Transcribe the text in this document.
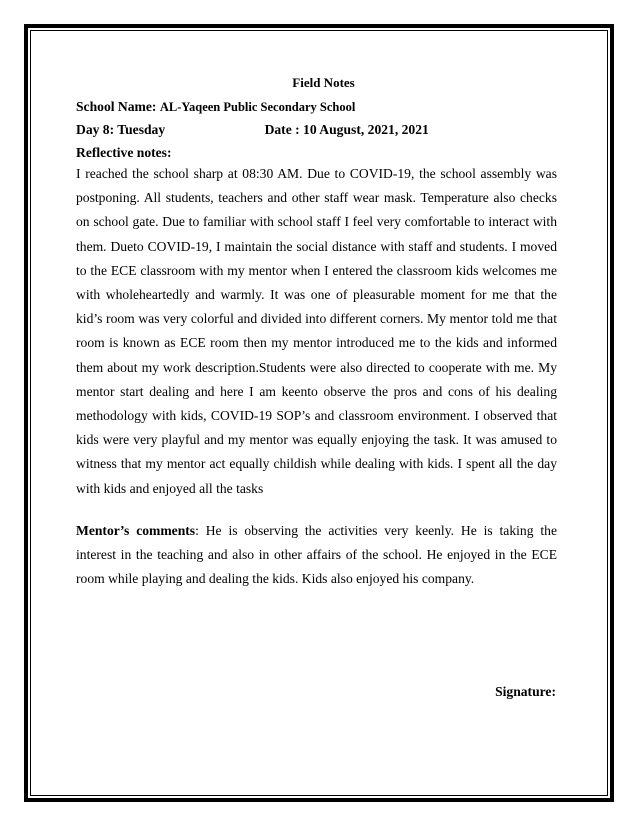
Field Notes
School Name: AL-Yaqeen Public Secondary School
Day 8: Tuesday	Date : 10 August, 2021, 2021
Reflective notes:

I reached the school sharp at 08:30 AM. Due to COVID-19, the school assembly was postponing. All students, teachers and other staff wear mask. Temperature also checks on school gate. Due to familiar with school staff I feel very comfortable to interact with them. Dueto COVID-19, I maintain the social distance with staff and students. I moved to the ECE classroom with my mentor when I entered the classroom kids welcomes me with wholeheartedly and warmly. It was one of pleasurable moment for me that the kid’s room was very colorful and divided into different corners. My mentor told me that room is known as ECE room then my mentor introduced me to the kids and informed them about my work description.Students were also directed to cooperate with me. My mentor start dealing and here I am keento observe the pros and cons of his dealing methodology with kids, COVID-19 SOP’s and classroom environment. I observed that kids were very playful and my mentor was equally enjoying the task. It was amused to witness that my mentor act equally childish while dealing with kids. I spent all the day with kids and enjoyed all the tasks

Mentor’s comments: He is observing the activities very keenly. He is taking the interest in the teaching and also in other affairs of the school. He enjoyed in the ECE room while playing and dealing the kids. Kids also enjoyed his company.

Signature:
